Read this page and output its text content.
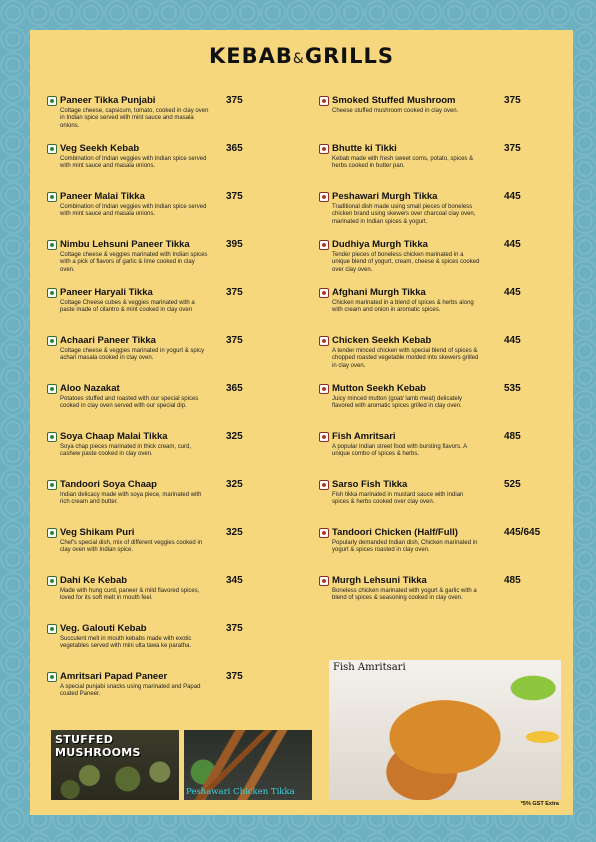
KEBAB&GRILLS
Paneer Tikka Punjabi	375
Cottage cheese, capsicum, tomato, cooked in clay oven in Indian spice served with mint sauce and masala onions.
Veg Seekh Kebab	365
Combination of Indian veggies with Indian spice served with mint sauce and masala onions.
Paneer Malai Tikka	375
Combination of Indian veggies with Indian spice served with mint sauce and masala onions.
Nimbu Lehsuni Paneer Tikka	395
Cottage cheese & veggies marinated with Indian spices with a pick of flavors of garlic & lime cooked in clay oven.
Paneer Haryali Tikka	375
Cottage Cheese cubes & veggies marinated with a paste made of cilantro & mint cooked in clay oven
Achaari Paneer Tikka	375
Cottage cheese & veggies marinated in yogurt & spicy achari masala cooked in clay oven.
Aloo Nazakat	365
Potatoes stuffed and roasted with our special spices cooked in clay oven served with our special dip.
Soya Chaap Malai Tikka	325
Soya chap pieces marinated in thick cream, curd, cashew paste cooked in clay oven.
Tandoori Soya Chaap	325
Indian delicacy made with soya piece, marinated with rich cream and butter.
Veg Shikam Puri	325
Chef's special dish, mix of different veggies cooked in clay oven with Indian spice.
Dahi Ke Kebab	345
Made with hung curd, paneer & mild flavored spices, loved for its soft melt in mouth feel.
Veg. Galouti Kebab	375
Succulent melt in mouth kebabs made with exotic vegetables served with mini ulta tawa ke paratha.
Amritsari Papad Paneer	375
A special punjabi snacks using marinated and Papad coated Paneer.
Smoked Stuffed Mushroom	375
Cheese stuffed mushroom cooked in clay oven.
Bhutte ki Tikki	375
Kebab made with fresh sweet corns, potato, spices & herbs cooked in butter pan.
Peshawari Murgh Tikka	445
Traditional dish made using small pieces of boneless chicken brand using skewers over charcoal clay oven, marinated in Indian spices & yogurt.
Dudhiya Murgh Tikka	445
Tender pieces of boneless chicken marinated in a unique blend of yogurt, cream, cheese & spices cooked over clay oven.
Afghani Murgh Tikka	445
Chicken marinated in a blend of spices & herbs along with cream and onion in aromatic spices.
Chicken Seekh Kebab	445
A tender minced chicken with special blend of spices & chopped roasted vegetable molded into skewers grilled in clay oven.
Mutton Seekh Kebab	535
Juicy minced mutton (goat/ lamb meat) delicately flavored with aromatic spices grilled in clay oven.
Fish Amritsari	485
A popular Indian street food with bursting flavors. A unique combo of spices & herbs.
Sarso Fish Tikka	525
Fish tikka marinated in mustard sauce with Indian spices & herbs cooked over clay oven.
Tandoori Chicken (Half/Full)	445/645
Popularly demanded Indian dish, Chicken marinated in yogurt & spices roasted in clay oven.
Murgh Lehsuni Tikka	485
Boneless chicken marinated with yogurt & garlic with a blend of spices & seasoning cooked in clay oven.
STUFFED MUSHROOMS
Peshawari Chicken Tikka
Fish Amritsari
*5% GST Extra
